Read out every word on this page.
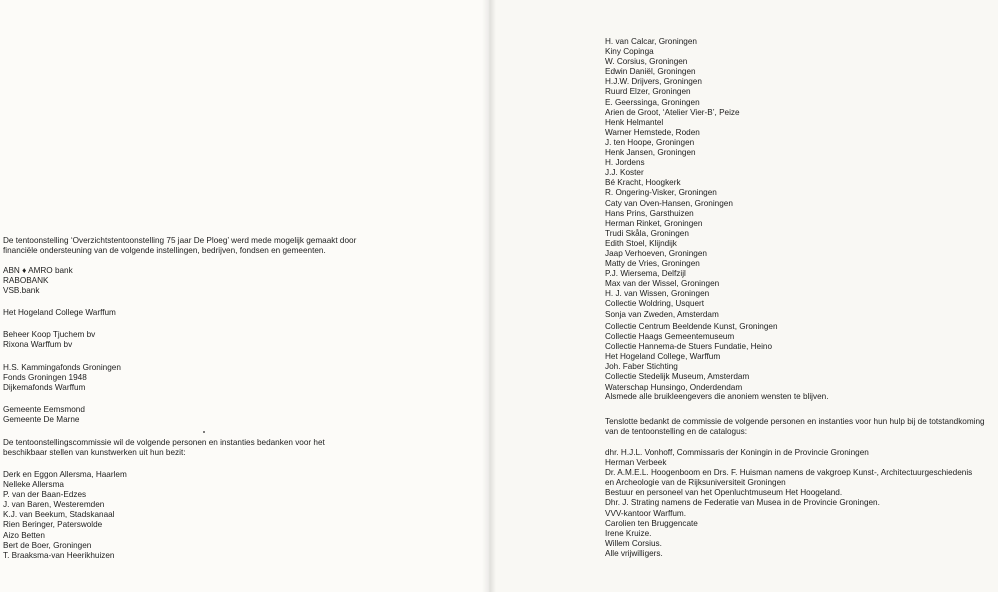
De tentoonstelling ‘Overzichtstentoonstelling 75 jaar De Ploeg’ werd mede mogelijk gemaakt door financiële ondersteuning van de volgende instellingen, bedrijven, fondsen en gemeenten.

ABN ♦ AMRO bank
RABOBANK
VSB.bank
Het Hogeland College Warffum
Beheer Koop Tjuchem bv
Rixona Warffum bv
H.S. Kammingafonds Groningen
Fonds Groningen 1948
Dijkemafonds Warffum
Gemeente Eemsmond
Gemeente De Marne

De tentoonstellingscommissie wil de volgende personen en instanties bedanken voor het beschikbaar stellen van kunstwerken uit hun bezit:

Derk en Eggon Allersma, Haarlem
Nelleke Allersma
P. van der Baan-Edzes
J. van Baren, Westeremden
K.J. van Beekum, Stadskanaal
Rien Beringer, Paterswolde
Aizo Betten
Bert de Boer, Groningen
T. Braaksma-van Heerikhuizen
H. van Calcar, Groningen
Kiny Copinga
W. Corsius, Groningen
Edwin Daniël, Groningen
H.J.W. Drijvers, Groningen
Ruurd Elzer, Groningen
E. Geerssinga, Groningen
Arien de Groot, ‘Atelier Vier-B’, Peize
Henk Helmantel
Warner Hemstede, Roden
J. ten Hoope, Groningen
Henk Jansen, Groningen
H. Jordens
J.J. Koster
Bé Kracht, Hoogkerk
R. Ongering-Visker, Groningen
Caty van Oven-Hansen, Groningen
Hans Prins, Garsthuizen
Herman Rinket, Groningen
Trudi Skåla, Groningen
Edith Stoel, Klijndijk
Jaap Verhoeven, Groningen
Matty de Vries, Groningen
P.J. Wiersema, Delfzijl
Max van der Wissel, Groningen
H. J. van Wissen, Groningen
Collectie Woldring, Usquert
Sonja van Zweden, Amsterdam
Collectie Centrum Beeldende Kunst, Groningen
Collectie Haags Gemeentemuseum
Collectie Hannema-de Stuers Fundatie, Heino
Het Hogeland College, Warffum
Joh. Faber Stichting
Collectie Stedelijk Museum, Amsterdam
Waterschap Hunsingo, Onderdendam

Alsmede alle bruikleengevers die anoniem wensten te blijven.

Tenslotte bedankt de commissie de volgende personen en instanties voor hun hulp bij de totstandkoming van de tentoonstelling en de catalogus:

dhr. H.J.L. Vonhoff, Commissaris der Koningin in de Provincie Groningen
Herman Verbeek
Dr. A.M.E.L. Hoogenboom en Drs. F. Huisman namens de vakgroep Kunst-, Architectuurgeschiedenis
en Archeologie van de Rijksuniversiteit Groningen
Bestuur en personeel van het Openluchtmuseum Het Hoogeland.
Dhr. J. Strating namens de Federatie van Musea in de Provincie Groningen.
VVV-kantoor Warffum.
Carolien ten Bruggencate
Irene Kruize.
Willem Corsius.
Alle vrijwilligers.
